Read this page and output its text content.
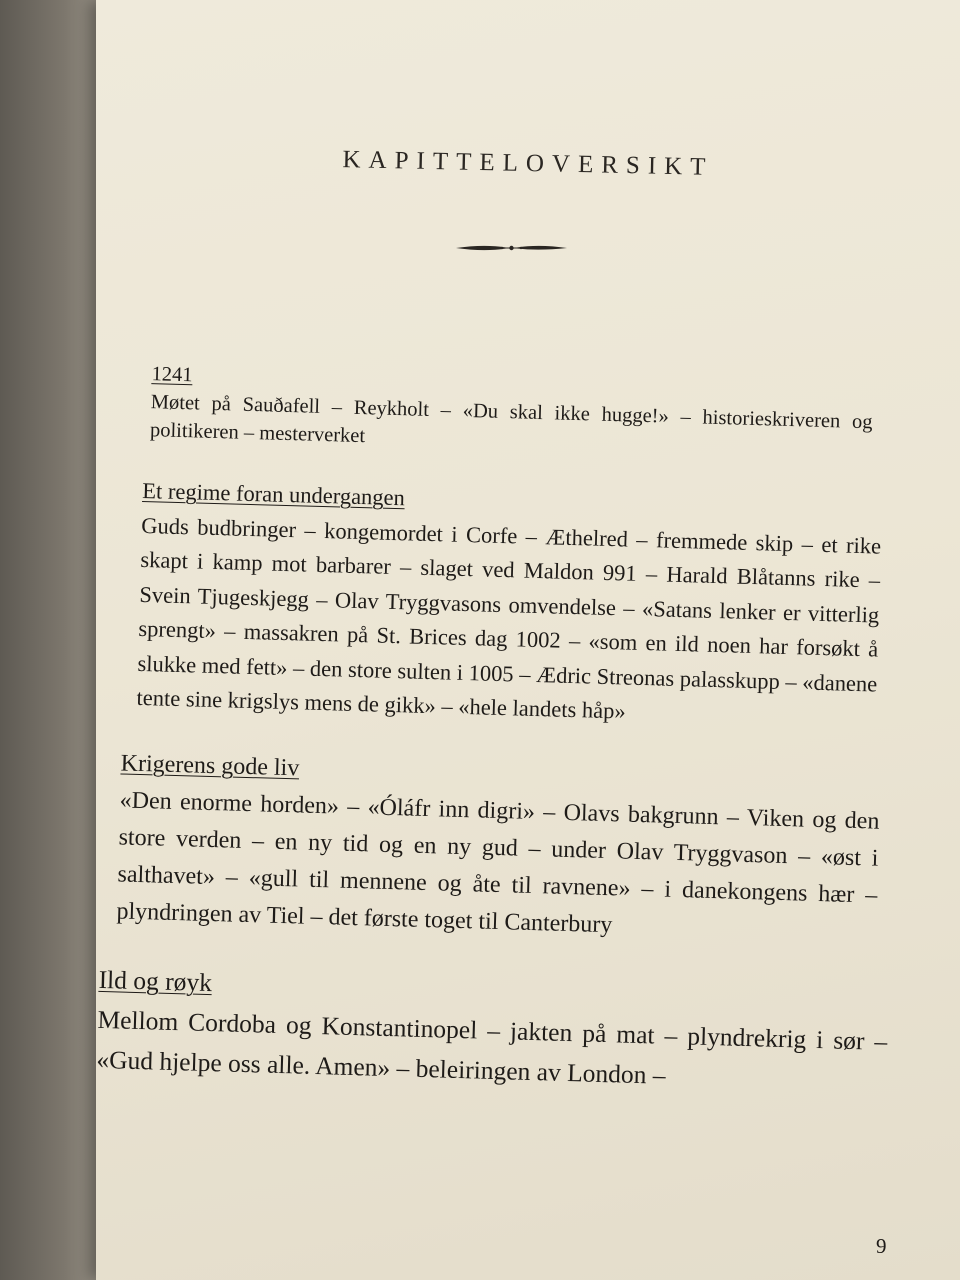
KAPITTELOVERSIKT
1241
Møtet på Sauðafell – Reykholt – «Du skal ikke hugge!» – historieskriveren og politikeren – mesterverket
Et regime foran undergangen
Guds budbringer – kongemordet i Corfe – Æthelred – fremmede skip – et rike skapt i kamp mot barbarer – slaget ved Maldon 991 – Harald Blåtanns rike – Svein Tjugeskjegg – Olav Tryggvasons omvendelse – «Satans lenker er vitterlig sprengt» – massakren på St. Brices dag 1002 – «som en ild noen har forsøkt å slukke med fett» – den store sulten i 1005 – Ædric Streonas palasskupp – «danene tente sine krigslys mens de gikk» – «hele landets håp»
Krigerens gode liv
«Den enorme horden» – «Óláfr inn digri» – Olavs bakgrunn – Viken og den store verden – en ny tid og en ny gud – under Olav Tryggvason – «øst i salthavet» – «gull til mennene og åte til ravnene» – i danekongens hær – plyndringen av Tiel – det første toget til Canterbury
Ild og røyk
Mellom Cordoba og Konstantinopel – jakten på mat – plyndrekrig i sør – «Gud hjelpe oss alle. Amen» – beleiringen av London –
9
